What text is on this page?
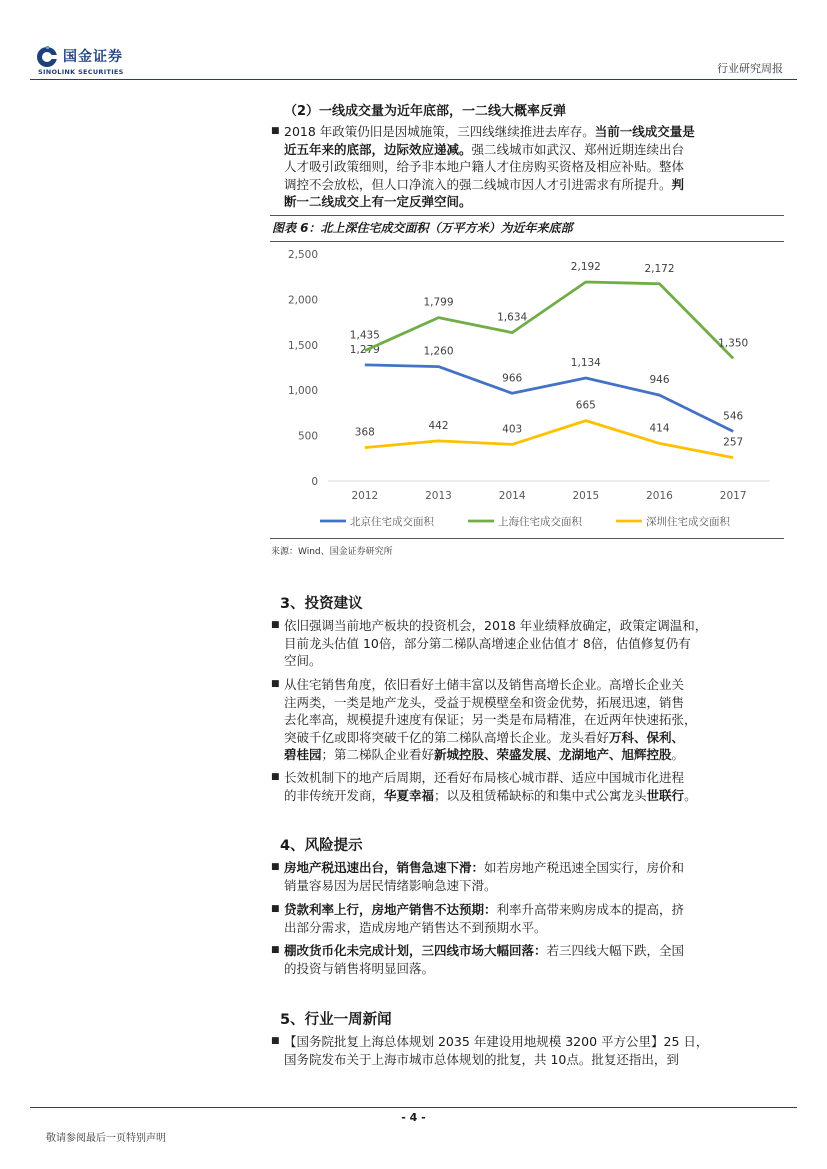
国金证券
SINOLINK SECURITIES	行业研究周报
（2）一线成交量为近年底部，一二线大概率反弹
■ 2018 年政策仍旧是因城施策，三四线继续推进去库存。当前一线成交量是
近五年来的底部，边际效应递减。强二线城市如武汉、郑州近期连续出台
人才吸引政策细则，给予非本地户籍人才住房购买资格及相应补贴。整体
调控不会放松，但人口净流入的强二线城市因人才引进需求有所提升。判
断一二线成交上有一定反弹空间。
图表 6：北上深住宅成交面积（万平方米）为近年来底部
0
500
1,000
1,500
2,000
2,500
2012	2013	2014	2015	2016	2017
1,279	1,260
966
1,134
946
546
北京住宅成交面积
1,435
1,799
1,634
2,192	2,172
1,350
上海住宅成交面积
368
442	403
665
414
257
深圳住宅成交面积
来源：Wind、国金证券研究所
3、投资建议
■ 依旧强调当前地产板块的投资机会，2018 年业绩释放确定，政策定调温和，
目前龙头估值 10倍，部分第二梯队高增速企业估值才 8倍，估值修复仍有
空间。
■ 从住宅销售角度，依旧看好土储丰富以及销售高增长企业。高增长企业关
注两类，一类是地产龙头，受益于规模壁垒和资金优势，拓展迅速，销售
去化率高，规模提升速度有保证；另一类是布局精准，在近两年快速拓张，
突破千亿或即将突破千亿的第二梯队高增长企业。龙头看好万科、保利、
碧桂园；第二梯队企业看好新城控股、荣盛发展、龙湖地产、旭辉控股。
■ 长效机制下的地产后周期，还看好布局核心城市群、适应中国城市化进程
的非传统开发商，华夏幸福；以及租赁稀缺标的和集中式公寓龙头世联行。
4、风险提示
■ 房地产税迅速出台，销售急速下滑：如若房地产税迅速全国实行，房价和
销量容易因为居民情绪影响急速下滑。
■ 贷款利率上行，房地产销售不达预期：利率升高带来购房成本的提高，挤
出部分需求，造成房地产销售达不到预期水平。
■ 棚改货币化未完成计划，三四线市场大幅回落：若三四线大幅下跌，全国
的投资与销售将明显回落。
5、行业一周新闻
■ 【国务院批复上海总体规划 2035 年建设用地规模 3200 平方公里】25 日，
国务院发布关于上海市城市总体规划的批复，共 10点。批复还指出，到
- 4 -
敬请参阅最后一页特别声明
